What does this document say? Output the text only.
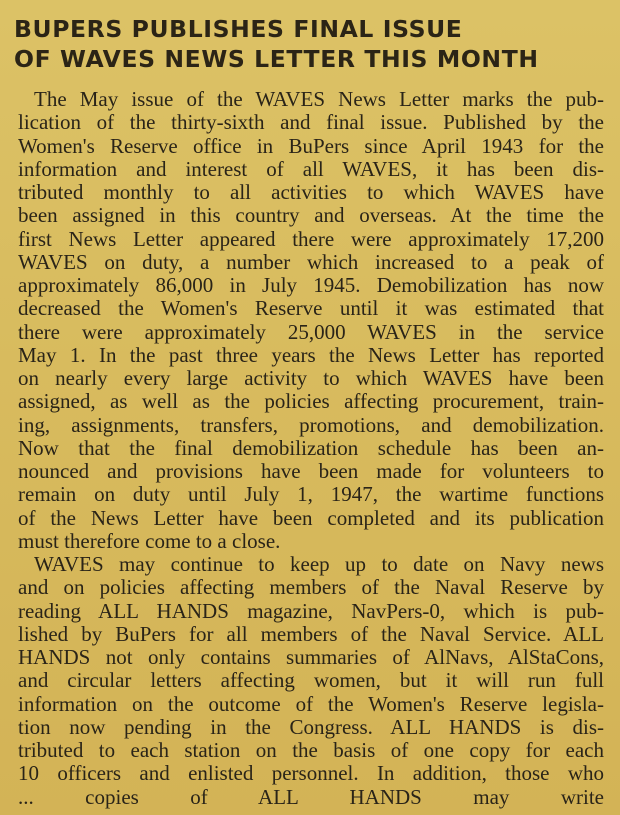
BUPERS PUBLISHES FINAL ISSUE
OF WAVES NEWS LETTER THIS MONTH
The May issue of the WAVES News Letter marks the pub-
lication of the thirty-sixth and final issue. Published by the
Women's Reserve office in BuPers since April 1943 for the
information and interest of all WAVES, it has been dis-
tributed monthly to all activities to which WAVES have
been assigned in this country and overseas. At the time the
first News Letter appeared there were approximately 17,200
WAVES on duty, a number which increased to a peak of
approximately 86,000 in July 1945. Demobilization has now
decreased the Women's Reserve until it was estimated that
there were approximately 25,000 WAVES in the service
May 1. In the past three years the News Letter has reported
on nearly every large activity to which WAVES have been
assigned, as well as the policies affecting procurement, train-
ing, assignments, transfers, promotions, and demobilization.
Now that the final demobilization schedule has been an-
nounced and provisions have been made for volunteers to
remain on duty until July 1, 1947, the wartime functions
of the News Letter have been completed and its publication
must therefore come to a close.
WAVES may continue to keep up to date on Navy news
and on policies affecting members of the Naval Reserve by
reading ALL HANDS magazine, NavPers-0, which is pub-
lished by BuPers for all members of the Naval Service. ALL
HANDS not only contains summaries of AlNavs, AlStaCons,
and circular letters affecting women, but it will run full
information on the outcome of the Women's Reserve legisla-
tion now pending in the Congress. ALL HANDS is dis-
tributed to each station on the basis of one copy for each
10 officers and enlisted personnel. In addition, those who
... copies of ALL HANDS may write
